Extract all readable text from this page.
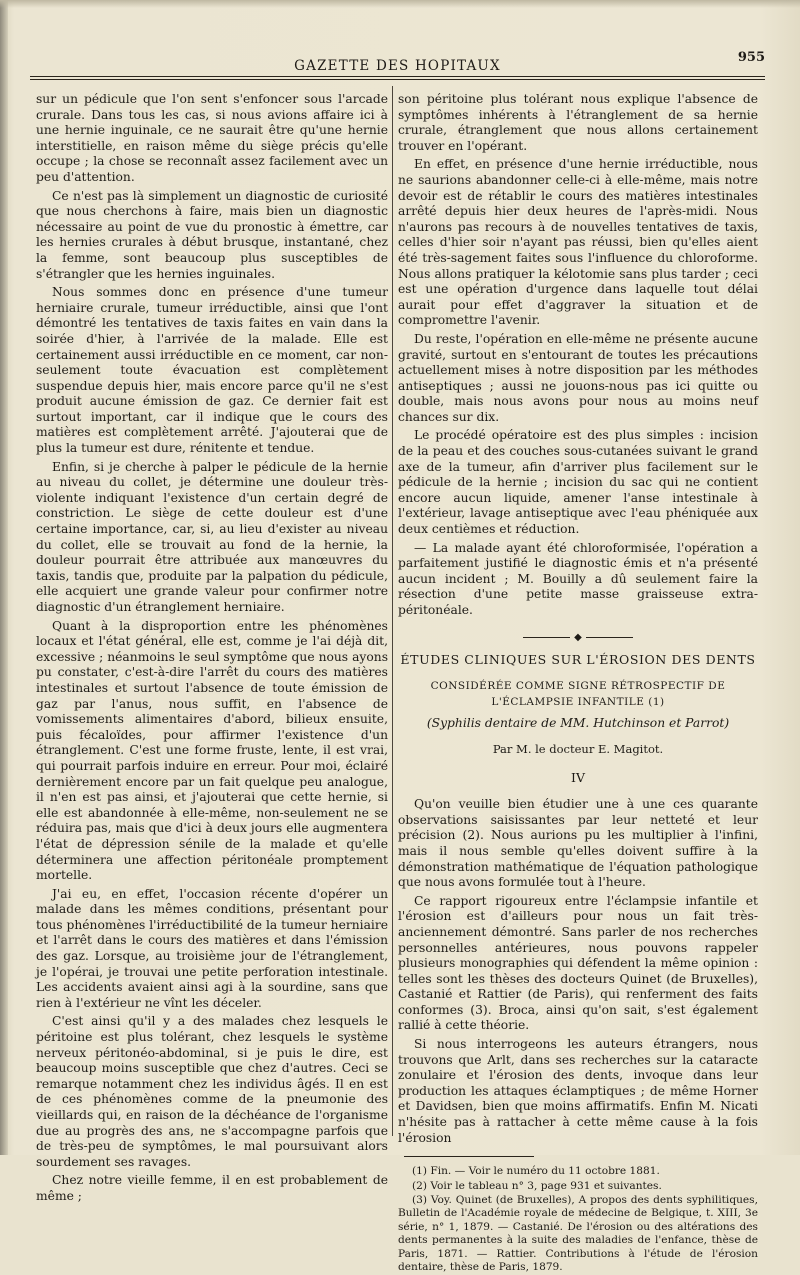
GAZETTE DES HOPITAUX
955

sur un pédicule que l'on sent s'enfoncer sous l'arcade crurale. Dans tous les cas, si nous avions affaire ici à une hernie inguinale, ce ne saurait être qu'une hernie interstitielle, en raison même du siège précis qu'elle occupe ; la chose se reconnaît assez facilement avec un peu d'attention.

Ce n'est pas là simplement un diagnostic de curiosité que nous cherchons à faire, mais bien un diagnostic nécessaire au point de vue du pronostic à émettre, car les hernies crurales à début brusque, instantané, chez la femme, sont beaucoup plus susceptibles de s'étrangler que les hernies inguinales.

Nous sommes donc en présence d'une tumeur herniaire crurale, tumeur irréductible, ainsi que l'ont démontré les tentatives de taxis faites en vain dans la soirée d'hier, à l'arrivée de la malade. Elle est certainement aussi irréductible en ce moment, car non-seulement toute évacuation est complètement suspendue depuis hier, mais encore parce qu'il ne s'est produit aucune émission de gaz. Ce dernier fait est surtout important, car il indique que le cours des matières est complètement arrêté. J'ajouterai que de plus la tumeur est dure, rénitente et tendue.

Enfin, si je cherche à palper le pédicule de la hernie au niveau du collet, je détermine une douleur très-violente indiquant l'existence d'un certain degré de constriction. Le siège de cette douleur est d'une certaine importance, car, si, au lieu d'exister au niveau du collet, elle se trouvait au fond de la hernie, la douleur pourrait être attribuée aux manœuvres du taxis, tandis que, produite par la palpation du pédicule, elle acquiert une grande valeur pour confirmer notre diagnostic d'un étranglement herniaire.

Quant à la disproportion entre les phénomènes locaux et l'état général, elle est, comme je l'ai déjà dit, excessive ; néanmoins le seul symptôme que nous ayons pu constater, c'est-à-dire l'arrêt du cours des matières intestinales et surtout l'absence de toute émission de gaz par l'anus, nous suffit, en l'absence de vomissements alimentaires d'abord, bilieux ensuite, puis fécaloïdes, pour affirmer l'existence d'un étranglement. C'est une forme fruste, lente, il est vrai, qui pourrait parfois induire en erreur. Pour moi, éclairé dernièrement encore par un fait quelque peu analogue, il n'en est pas ainsi, et j'ajouterai que cette hernie, si elle est abandonnée à elle-même, non-seulement ne se réduira pas, mais que d'ici à deux jours elle augmentera l'état de dépression sénile de la malade et qu'elle déterminera une affection péritonéale promptement mortelle.

J'ai eu, en effet, l'occasion récente d'opérer un malade dans les mêmes conditions, présentant pour tous phénomènes l'irréductibilité de la tumeur herniaire et l'arrêt dans le cours des matières et dans l'émission des gaz. Lorsque, au troisième jour de l'étranglement, je l'opérai, je trouvai une petite perforation intestinale. Les accidents avaient ainsi agi à la sourdine, sans que rien à l'extérieur ne vînt les déceler.

C'est ainsi qu'il y a des malades chez lesquels le péritoine est plus tolérant, chez lesquels le système nerveux péritonéo-abdominal, si je puis le dire, est beaucoup moins susceptible que chez d'autres. Ceci se remarque notamment chez les individus âgés. Il en est de ces phénomènes comme de la pneumonie des vieillards qui, en raison de la déchéance de l'organisme due au progrès des ans, ne s'accompagne parfois que de très-peu de symptômes, le mal poursuivant alors sourdement ses ravages.

Chez notre vieille femme, il en est probablement de même ;

son péritoine plus tolérant nous explique l'absence de symptômes inhérents à l'étranglement de sa hernie crurale, étranglement que nous allons certainement trouver en l'opérant.

En effet, en présence d'une hernie irréductible, nous ne saurions abandonner celle-ci à elle-même, mais notre devoir est de rétablir le cours des matières intestinales arrêté depuis hier deux heures de l'après-midi. Nous n'aurons pas recours à de nouvelles tentatives de taxis, celles d'hier soir n'ayant pas réussi, bien qu'elles aient été très-sagement faites sous l'influence du chloroforme. Nous allons pratiquer la kélotomie sans plus tarder ; ceci est une opération d'urgence dans laquelle tout délai aurait pour effet d'aggraver la situation et de compromettre l'avenir.

Du reste, l'opération en elle-même ne présente aucune gravité, surtout en s'entourant de toutes les précautions actuellement mises à notre disposition par les méthodes antiseptiques ; aussi ne jouons-nous pas ici quitte ou double, mais nous avons pour nous au moins neuf chances sur dix.

Le procédé opératoire est des plus simples : incision de la peau et des couches sous-cutanées suivant le grand axe de la tumeur, afin d'arriver plus facilement sur le pédicule de la hernie ; incision du sac qui ne contient encore aucun liquide, amener l'anse intestinale à l'extérieur, lavage antiseptique avec l'eau phéniquée aux deux centièmes et réduction.

— La malade ayant été chloroformisée, l'opération a parfaitement justifié le diagnostic émis et n'a présenté aucun incident ; M. Bouilly a dû seulement faire la résection d'une petite masse graisseuse extra-péritonéale.

◆
ÉTUDES CLINIQUES SUR L'ÉROSION DES DENTS
CONSIDÉRÉE COMME SIGNE RÉTROSPECTIF DE L'ÉCLAMPSIE INFANTILE (1)
(Syphilis dentaire de MM. Hutchinson et Parrot)
Par M. le docteur E. Magitot.
IV

Qu'on veuille bien étudier une à une ces quarante observations saisissantes par leur netteté et leur précision (2). Nous aurions pu les multiplier à l'infini, mais il nous semble qu'elles doivent suffire à la démonstration mathématique de l'équation pathologique que nous avons formulée tout à l'heure.

Ce rapport rigoureux entre l'éclampsie infantile et l'érosion est d'ailleurs pour nous un fait très-anciennement démontré. Sans parler de nos recherches personnelles antérieures, nous pouvons rappeler plusieurs monographies qui défendent la même opinion : telles sont les thèses des docteurs Quinet (de Bruxelles), Castanié et Rattier (de Paris), qui renferment des faits conformes (3). Broca, ainsi qu'on sait, s'est également rallié à cette théorie.

Si nous interrogeons les auteurs étrangers, nous trouvons que Arlt, dans ses recherches sur la cataracte zonulaire et l'érosion des dents, invoque dans leur production les attaques éclamptiques ; de même Horner et Davidsen, bien que moins affirmatifs. Enfin M. Nicati n'hésite pas à rattacher à cette même cause à la fois l'érosion

(1) Fin. — Voir le numéro du 11 octobre 1881.

(2) Voir le tableau n° 3, page 931 et suivantes.

(3) Voy. Quinet (de Bruxelles), A propos des dents syphilitiques, Bulletin de l'Académie royale de médecine de Belgique, t. XIII, 3e série, n° 1, 1879. — Castanié. De l'érosion ou des altérations des dents permanentes à la suite des maladies de l'enfance, thèse de Paris, 1871. — Rattier. Contributions à l'étude de l'érosion dentaire, thèse de Paris, 1879.
